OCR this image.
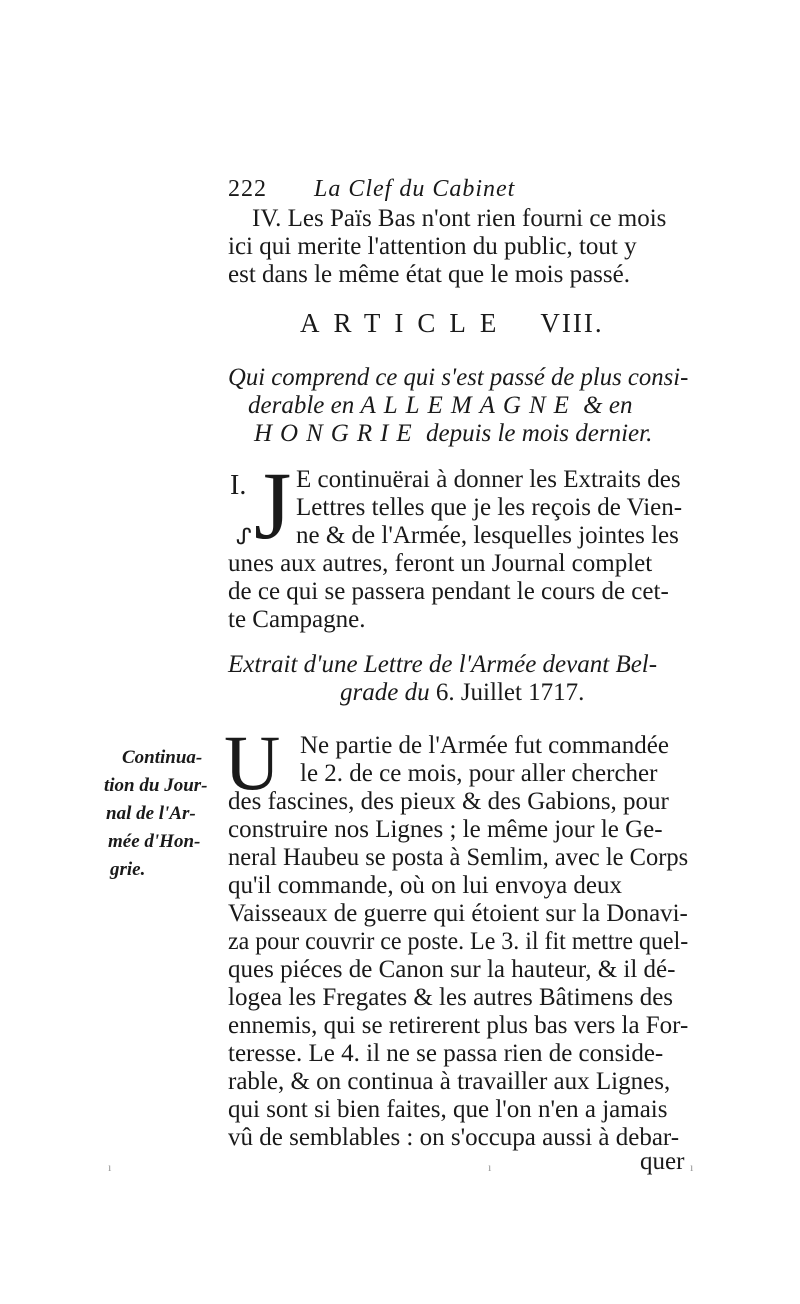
222 La Clef du Cabinet
IV. Les Païs Bas n'ont rien fourni ce mois
ici qui merite l'attention du public, tout y
est dans le même état que le mois passé.
ARTICLE VIII.
Qui comprend ce qui s'est passé de plus consi-
derable en ALLEMAGNE & en
HONGRIE depuis le mois dernier.
I. J
ᔑ
E continuërai à donner les Extraits des
Lettres telles que je les reçois de Vien-
ne & de l'Armée, lesquelles jointes les
unes aux autres, feront un Journal complet
de ce qui se passera pendant le cours de cet-
te Campagne.
Extrait d'une Lettre de l'Armée devant Bel-
grade du 6. Juillet 1717.
Continua-
tion du Jour-
nal de l'Ar-
mée d'Hon-
grie.
U Ne partie de l'Armée fut commandée
le 2. de ce mois, pour aller chercher
des fascines, des pieux & des Gabions, pour
construire nos Lignes ; le même jour le Ge-
neral Haubeu se posta à Semlim, avec le Corps
qu'il commande, où on lui envoya deux
Vaisseaux de guerre qui étoient sur la Donavi-
za pour couvrir ce poste. Le 3. il fit mettre quel-
ques piéces de Canon sur la hauteur, & il dé-
logea les Fregates & les autres Bâtimens des
ennemis, qui se retirerent plus bas vers la For-
teresse. Le 4. il ne se passa rien de conside-
rable, & on continua à travailler aux Lignes,
qui sont si bien faites, que l'on n'en a jamais
vû de semblables : on s'occupa aussi à debar-
quer
ı	ı	ı
